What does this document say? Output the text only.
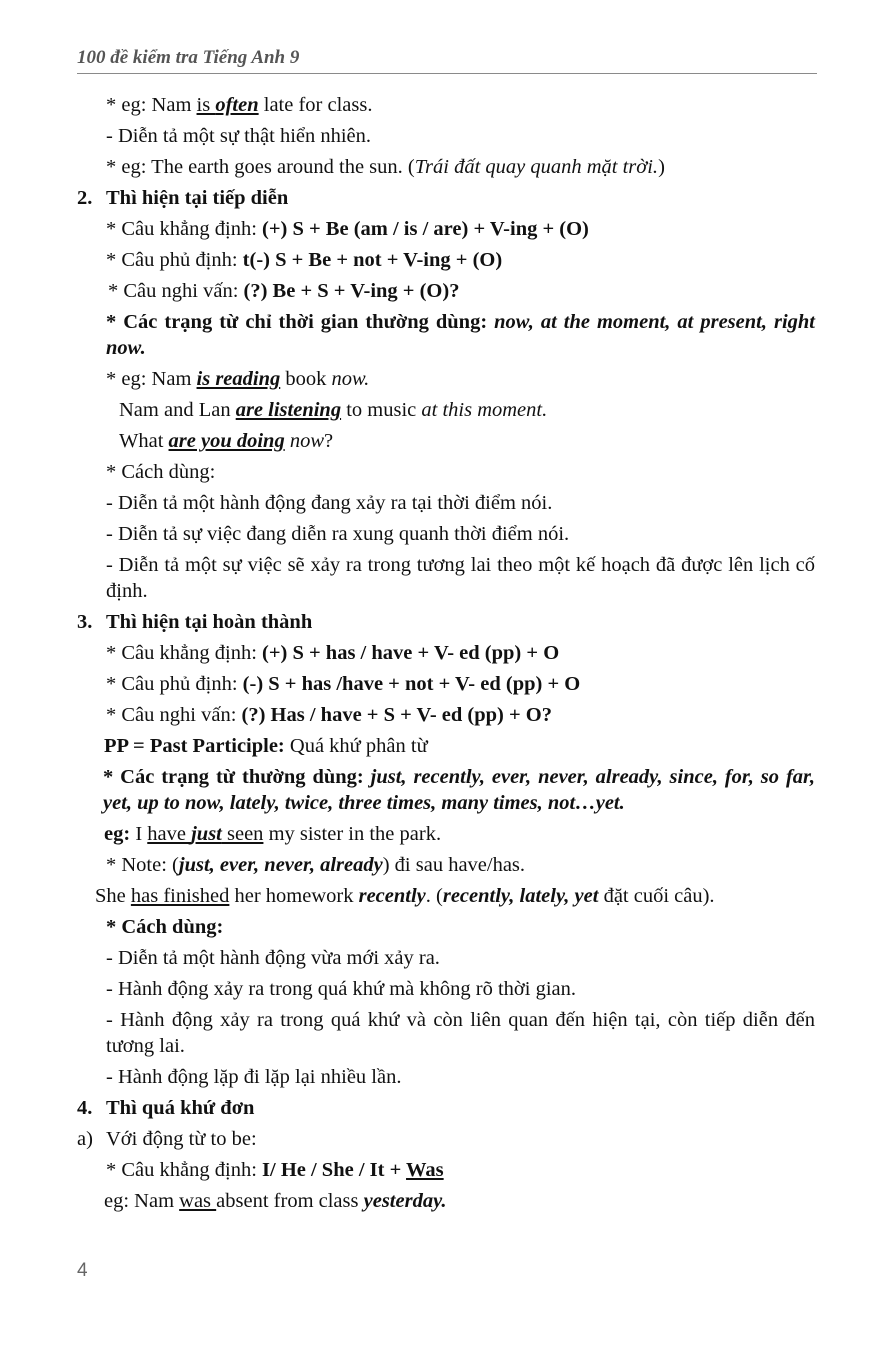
100 đề kiểm tra Tiếng Anh 9
* eg: Nam is often late for class.
- Diễn tả một sự thật hiển nhiên.
* eg: The earth goes around the sun. (Trái đất quay quanh mặt trời.)
2. Thì hiện tại tiếp diễn
* Câu khẳng định: (+) S + Be (am / is / are) + V-ing + (O)
* Câu phủ định: t(-) S + Be + not + V-ing + (O)
* Câu nghi vấn: (?) Be + S + V-ing + (O)?
* Các trạng từ chỉ thời gian thường dùng: now, at the moment, at present, right now.
* eg: Nam is reading book now.
Nam and Lan are listening to music at this moment.
What are you doing now?
* Cách dùng:
- Diễn tả một hành động đang xảy ra tại thời điểm nói.
- Diễn tả sự việc đang diễn ra xung quanh thời điểm nói.
- Diễn tả một sự việc sẽ xảy ra trong tương lai theo một kế hoạch đã được lên lịch cố định.
3. Thì hiện tại hoàn thành
* Câu khẳng định: (+) S + has / have + V- ed (pp) + O
* Câu phủ định: (-) S + has /have + not + V- ed (pp) + O
* Câu nghi vấn: (?) Has / have + S + V- ed (pp) + O?
PP = Past Participle: Quá khứ phân từ
* Các trạng từ thường dùng: just, recently, ever, never, already, since, for, so far, yet, up to now, lately, twice, three times, many times, not…yet.
eg: I have just seen my sister in the park.
* Note: (just, ever, never, already) đi sau have/has.
She has finished her homework recently. (recently, lately, yet đặt cuối câu).
* Cách dùng:
- Diễn tả một hành động vừa mới xảy ra.
- Hành động xảy ra trong quá khứ mà không rõ thời gian.
- Hành động xảy ra trong quá khứ và còn liên quan đến hiện tại, còn tiếp diễn đến tương lai.
- Hành động lặp đi lặp lại nhiều lần.
4. Thì quá khứ đơn
a) Với động từ to be:
* Câu khẳng định: I/ He / She / It + Was
eg: Nam was absent from class yesterday.
4
